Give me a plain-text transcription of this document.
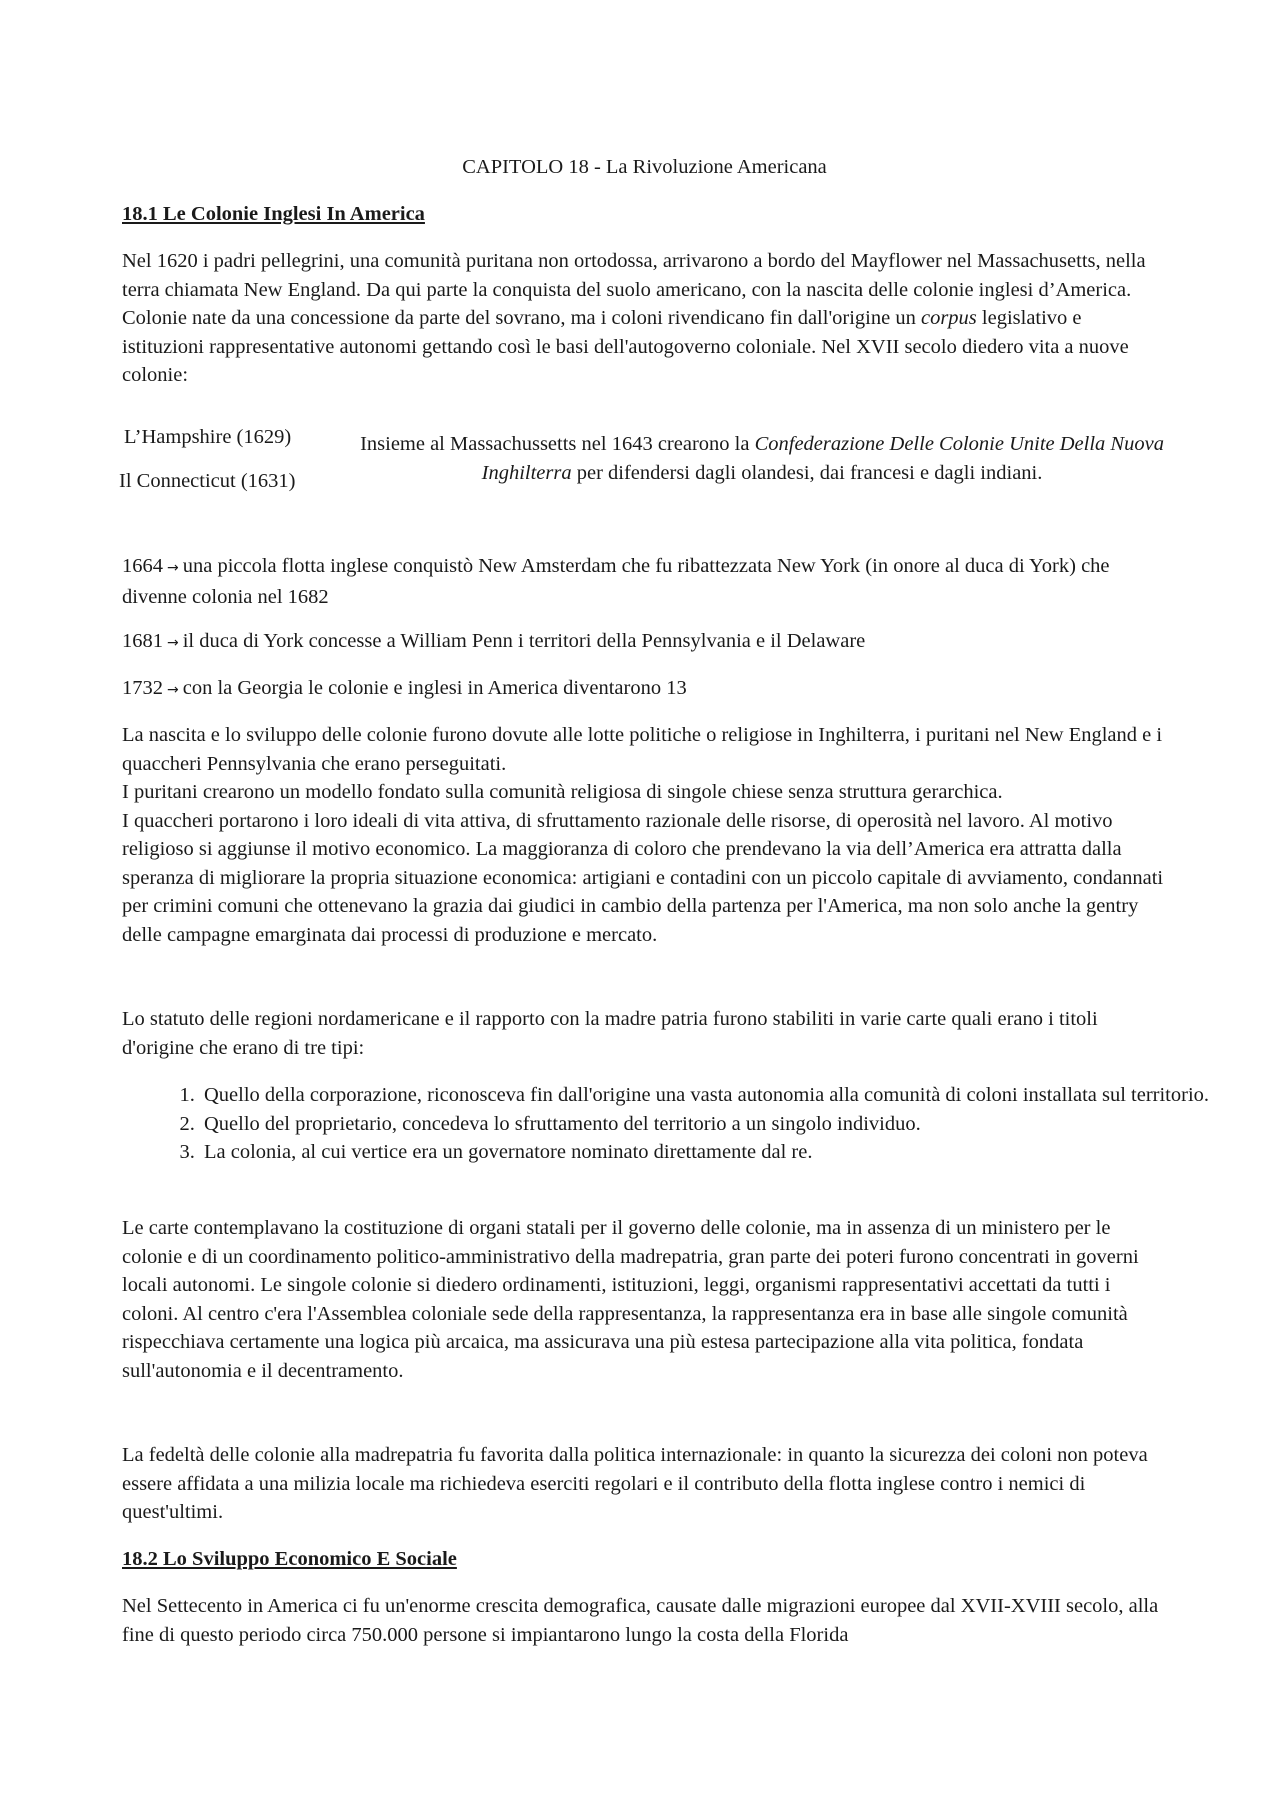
CAPITOLO 18 - La Rivoluzione Americana

18.1 Le Colonie Inglesi In America

Nel 1620 i padri pellegrini, una comunità puritana non ortodossa, arrivarono a bordo del Mayflower nel Massachusetts, nella terra chiamata New England. Da qui parte la conquista del suolo americano, con la nascita delle colonie inglesi d’America. Colonie nate da una concessione da parte del sovrano, ma i coloni rivendicano fin dall'origine un corpus legislativo e istituzioni rappresentative autonomi gettando così le basi dell'autogoverno coloniale. Nel XVII secolo diedero vita a nuove colonie:

L’Hampshire (1629)

Il Connecticut (1631)

Insieme al Massachussetts nel 1643 crearono la Confederazione Delle Colonie Unite Della Nuova Inghilterra per difendersi dagli olandesi, dai francesi e dagli indiani.

1664 → una piccola flotta inglese conquistò New Amsterdam che fu ribattezzata New York (in onore al duca di York) che divenne colonia nel 1682

1681 → il duca di York concesse a William Penn i territori della Pennsylvania e il Delaware

1732 → con la Georgia le colonie e inglesi in America diventarono 13

La nascita e lo sviluppo delle colonie furono dovute alle lotte politiche o religiose in Inghilterra, i puritani nel New England e i quaccheri Pennsylvania che erano perseguitati.

I puritani crearono un modello fondato sulla comunità religiosa di singole chiese senza struttura gerarchica.

I quaccheri portarono i loro ideali di vita attiva, di sfruttamento razionale delle risorse, di operosità nel lavoro. Al motivo religioso si aggiunse il motivo economico. La maggioranza di coloro che prendevano la via dell’America era attratta dalla speranza di migliorare la propria situazione economica: artigiani e contadini con un piccolo capitale di avviamento, condannati per crimini comuni che ottenevano la grazia dai giudici in cambio della partenza per l'America, ma non solo anche la gentry delle campagne emarginata dai processi di produzione e mercato.

Lo statuto delle regioni nordamericane e il rapporto con la madre patria furono stabiliti in varie carte quali erano i titoli d'origine che erano di tre tipi:

1. Quello della corporazione, riconosceva fin dall'origine una vasta autonomia alla comunità di coloni installata sul territorio.
2. Quello del proprietario, concedeva lo sfruttamento del territorio a un singolo individuo.
3. La colonia, al cui vertice era un governatore nominato direttamente dal re.

Le carte contemplavano la costituzione di organi statali per il governo delle colonie, ma in assenza di un ministero per le colonie e di un coordinamento politico-amministrativo della madrepatria, gran parte dei poteri furono concentrati in governi locali autonomi. Le singole colonie si diedero ordinamenti, istituzioni, leggi, organismi rappresentativi accettati da tutti i coloni. Al centro c'era l'Assemblea coloniale sede della rappresentanza, la rappresentanza era in base alle singole comunità rispecchiava certamente una logica più arcaica, ma assicurava una più estesa partecipazione alla vita politica, fondata sull'autonomia e il decentramento.

La fedeltà delle colonie alla madrepatria fu favorita dalla politica internazionale: in quanto la sicurezza dei coloni non poteva essere affidata a una milizia locale ma richiedeva eserciti regolari e il contributo della flotta inglese contro i nemici di quest'ultimi.

18.2 Lo Sviluppo Economico E Sociale

Nel Settecento in America ci fu un'enorme crescita demografica, causate dalle migrazioni europee dal XVII-XVIII secolo, alla fine di questo periodo circa 750.000 persone si impiantarono lungo la costa della Florida
